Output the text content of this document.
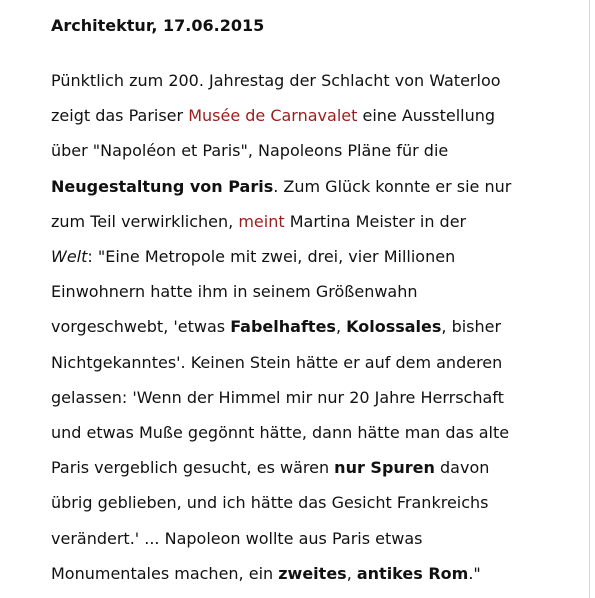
Architektur, 17.06.2015
Pünktlich zum 200. Jahrestag der Schlacht von Waterloo
zeigt das Pariser Musée de Carnavalet eine Ausstellung
über "Napoléon et Paris", Napoleons Pläne für die
Neugestaltung von Paris. Zum Glück konnte er sie nur
zum Teil verwirklichen, meint Martina Meister in der
Welt: "Eine Metropole mit zwei, drei, vier Millionen
Einwohnern hatte ihm in seinem Größenwahn
vorgeschwebt, 'etwas Fabelhaftes, Kolossales, bisher
Nichtgekanntes'. Keinen Stein hätte er auf dem anderen
gelassen: 'Wenn der Himmel mir nur 20 Jahre Herrschaft
und etwas Muße gegönnt hätte, dann hätte man das alte
Paris vergeblich gesucht, es wären nur Spuren davon
übrig geblieben, und ich hätte das Gesicht Frankreichs
verändert.' ... Napoleon wollte aus Paris etwas
Monumentales machen, ein zweites, antikes Rom."
